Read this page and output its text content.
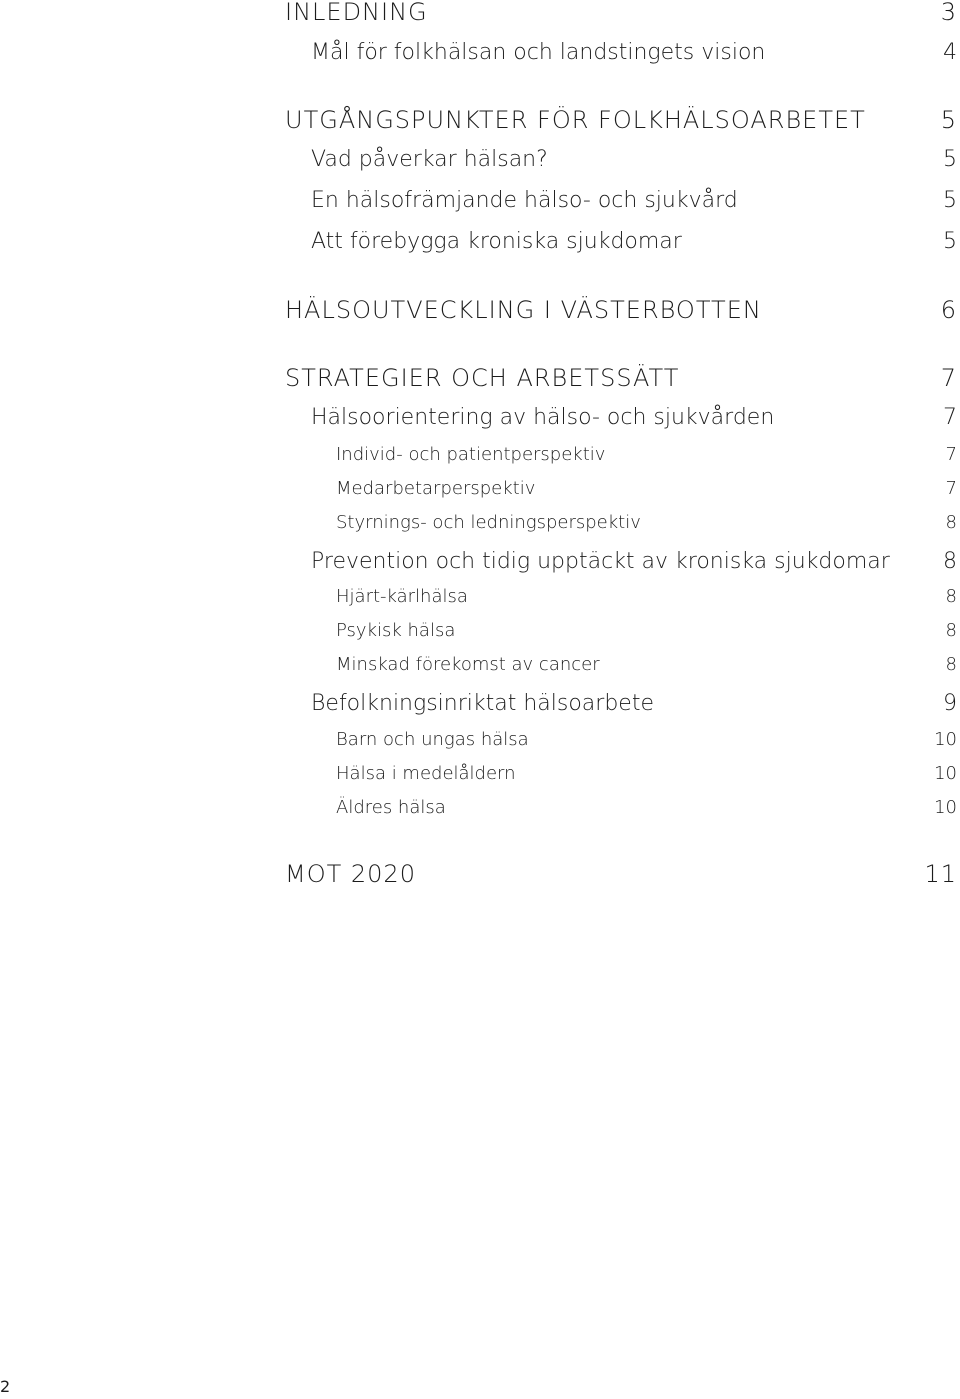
INLEDNING	3
Mål för folkhälsan och landstingets vision	4
UTGÅNGSPUNKTER FÖR FOLKHÄLSOARBETET	5
Vad påverkar hälsan?	5
En hälsofrämjande hälso- och sjukvård	5
Att förebygga kroniska sjukdomar	5
HÄLSOUTVECKLING I VÄSTERBOTTEN	6
STRATEGIER OCH ARBETSSÄTT	7
Hälsoorientering av hälso- och sjukvården	7
Individ- och patientperspektiv	7
Medarbetarperspektiv	7
Styrnings- och ledningsperspektiv	8
Prevention och tidig upptäckt av kroniska sjukdomar 8
Hjärt-kärlhälsa	8
Psykisk hälsa	8
Minskad förekomst av cancer	8
Befolkningsinriktat hälsoarbete	9
Barn och ungas hälsa	10
Hälsa i medelåldern	10
Äldres hälsa	10
MOT 2020	11
2
